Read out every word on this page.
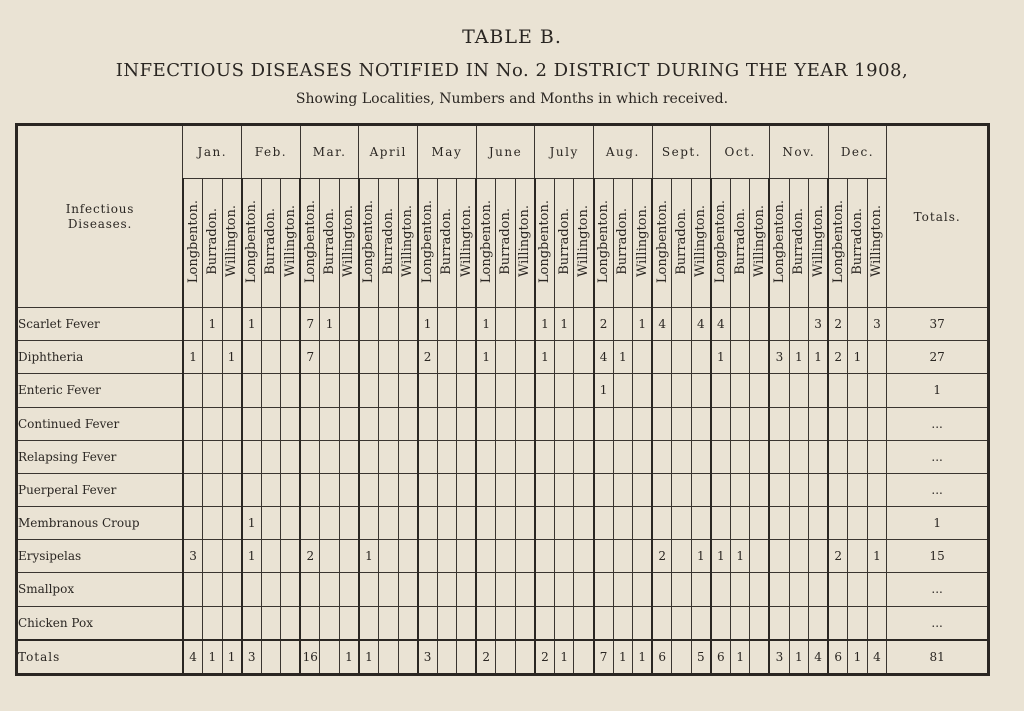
TABLE B.
INFECTIOUS DISEASES NOTIFIED IN No. 2 DISTRICT DURING THE YEAR 1908,
Showing Localities, Numbers and Months in which received.
Infectious
Diseases.	Jan.			Feb.			Mar.			April			May			June			July			Aug.			Sept.			Oct.			Nov.			Dec.			Totals.
	Longbenton.	Burradon.	Willington.	Longbenton.	Burradon.	Willington.	Longbenton.	Burradon.	Willington.	Longbenton.	Burradon.	Willington.	Longbenton.	Burradon.	Willington.	Longbenton.	Burradon.	Willington.	Longbenton.	Burradon.	Willington.	Longbenton.	Burradon.	Willington.	Longbenton.	Burradon.	Willington.	Longbenton.	Burradon.	Willington.	Longbenton.	Burradon.	Willington.	Longbenton.	Burradon.	Willington.	
Scarlet Fever		1		1			7	1					1			1			1	1		2		1	4		4	4					3	2		3	37
Diphtheria	1		1				7						2			1			1			4	1					1			3	1	1	2	1		27
Enteric Fever																						1															1
Continued Fever																																					...
Relapsing Fever																																					...
Puerperal Fever																																					...
Membranous Croup				1																																	1
Erysipelas	3			1			2			1															2		1	1	1					2		1	15
Smallpox																																					...
Chicken Pox																																					...
Totals	4	1	1	3			16		1	1			3			2			2	1		7	1	1	6		5	6	1		3	1	4	6	1	4	81
